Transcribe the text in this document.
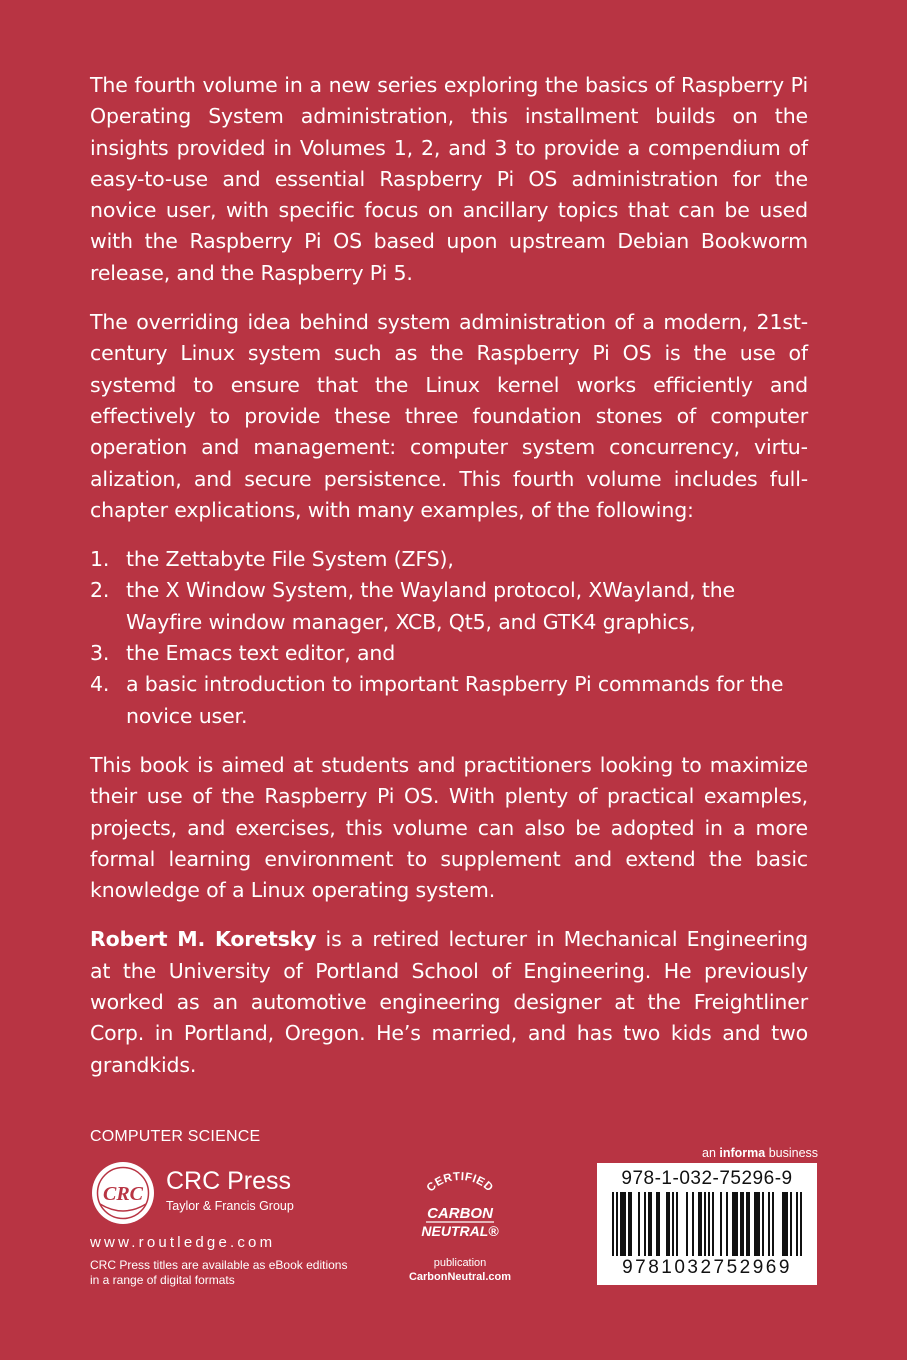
The fourth volume in a new series exploring the basics of Raspberry Pi Operating System administration, this installment builds on the insights provided in Volumes 1, 2, and 3 to provide a compendium of easy-to-use and essential Raspberry Pi OS administration for the novice user, with specific focus on ancillary topics that can be used with the Raspberry Pi OS based upon upstream Debian Bookworm release, and the Raspberry Pi 5.

The overriding idea behind system administration of a modern, 21st-century Linux system such as the Raspberry Pi OS is the use of systemd to ensure that the Linux kernel works efficiently and effectively to provide these three foundation stones of computer operation and management: computer system concurrency, virtualization, and secure persistence. This fourth volume includes full-chapter explications, with many examples, of the following:

1. the Zettabyte File System (ZFS),
2. the X Window System, the Wayland protocol, XWayland, the Wayfire window manager, XCB, Qt5, and GTK4 graphics,
3. the Emacs text editor, and
4. a basic introduction to important Raspberry Pi commands for the novice user.

This book is aimed at students and practitioners looking to maximize their use of the Raspberry Pi OS. With plenty of practical examples, projects, and exercises, this volume can also be adopted in a more formal learning environment to supplement and extend the basic knowledge of a Linux operating system.

Robert M. Koretsky is a retired lecturer in Mechanical Engineering at the University of Portland School of Engineering. He previously worked as an automotive engineering designer at the Freightliner Corp. in Portland, Oregon. He’s married, and has two kids and two grandkids.

COMPUTER SCIENCE
CRC CRC Press
Taylor & Francis Group
www.routledge.com
CRC Press titles are available as eBook editions in a range of digital formats
CERTIFIED
CARBON
NEUTRAL®
publication
CarbonNeutral.com
an informa business
978-1-032-75296-9
9781032752969
